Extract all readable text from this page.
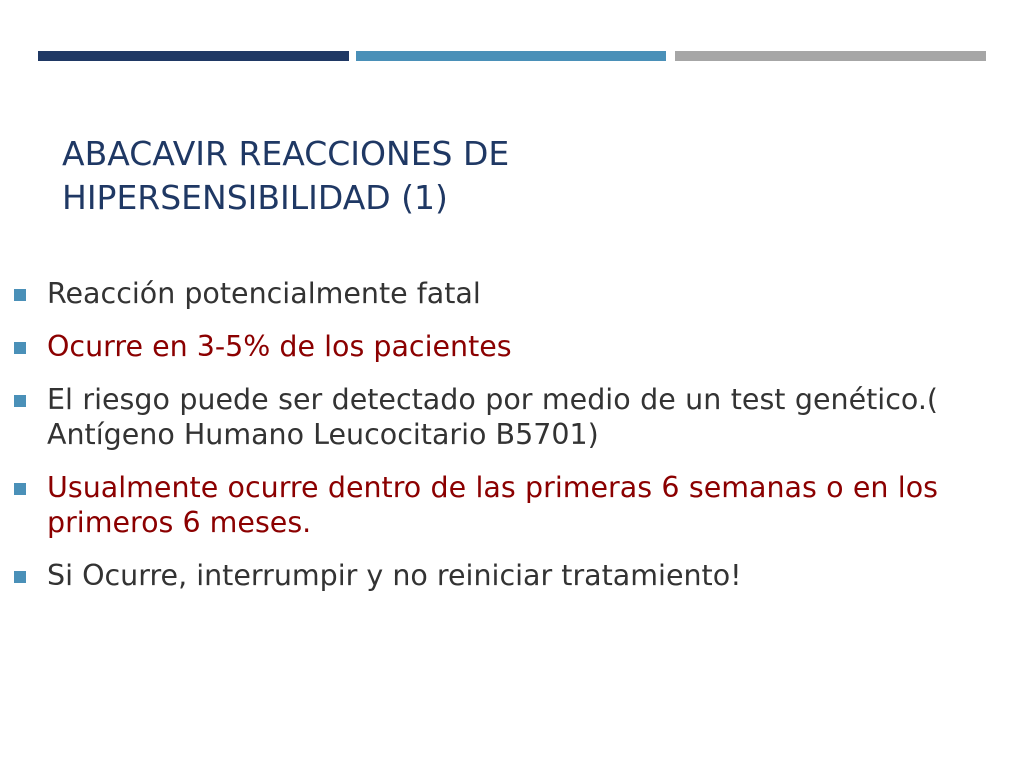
ABACAVIR REACCIONES DE
HIPERSENSIBILIDAD (1)
Reacción potencialmente fatal
Ocurre en 3-5% de los pacientes
El riesgo puede ser detectado por medio de un test genético.( Antígeno Humano Leucocitario B5701)
Usualmente ocurre dentro de las primeras 6 semanas o en los primeros 6 meses.
Si Ocurre, interrumpir y no reiniciar tratamiento!
